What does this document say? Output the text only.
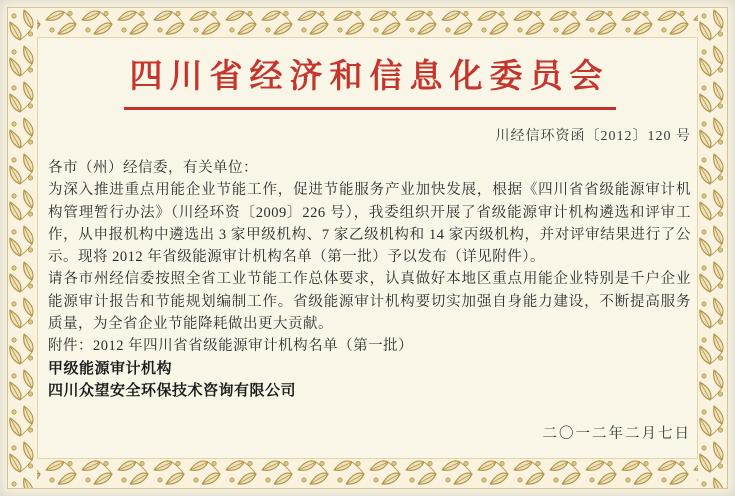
四川省经济和信息化委员会
川经信环资函〔2012〕120 号

各市（州）经信委，有关单位：

为深入推进重点用能企业节能工作，促进节能服务产业加快发展，根据《四川省省级能源审计机构管理暂行办法》（川经环资〔2009〕226 号），我委组织开展了省级能源审计机构遴选和评审工作，从申报机构中遴选出 3 家甲级机构、7 家乙级机构和 14 家丙级机构，并对评审结果进行了公示。现将 2012 年省级能源审计机构名单（第一批）予以发布（详见附件）。

请各市州经信委按照全省工业节能工作总体要求，认真做好本地区重点用能企业特别是千户企业能源审计报告和节能规划编制工作。省级能源审计机构要切实加强自身能力建设，不断提高服务质量，为全省企业节能降耗做出更大贡献。

附件：2012 年四川省省级能源审计机构名单（第一批）

甲级能源审计机构

四川众望安全环保技术咨询有限公司

二〇一二年二月七日
